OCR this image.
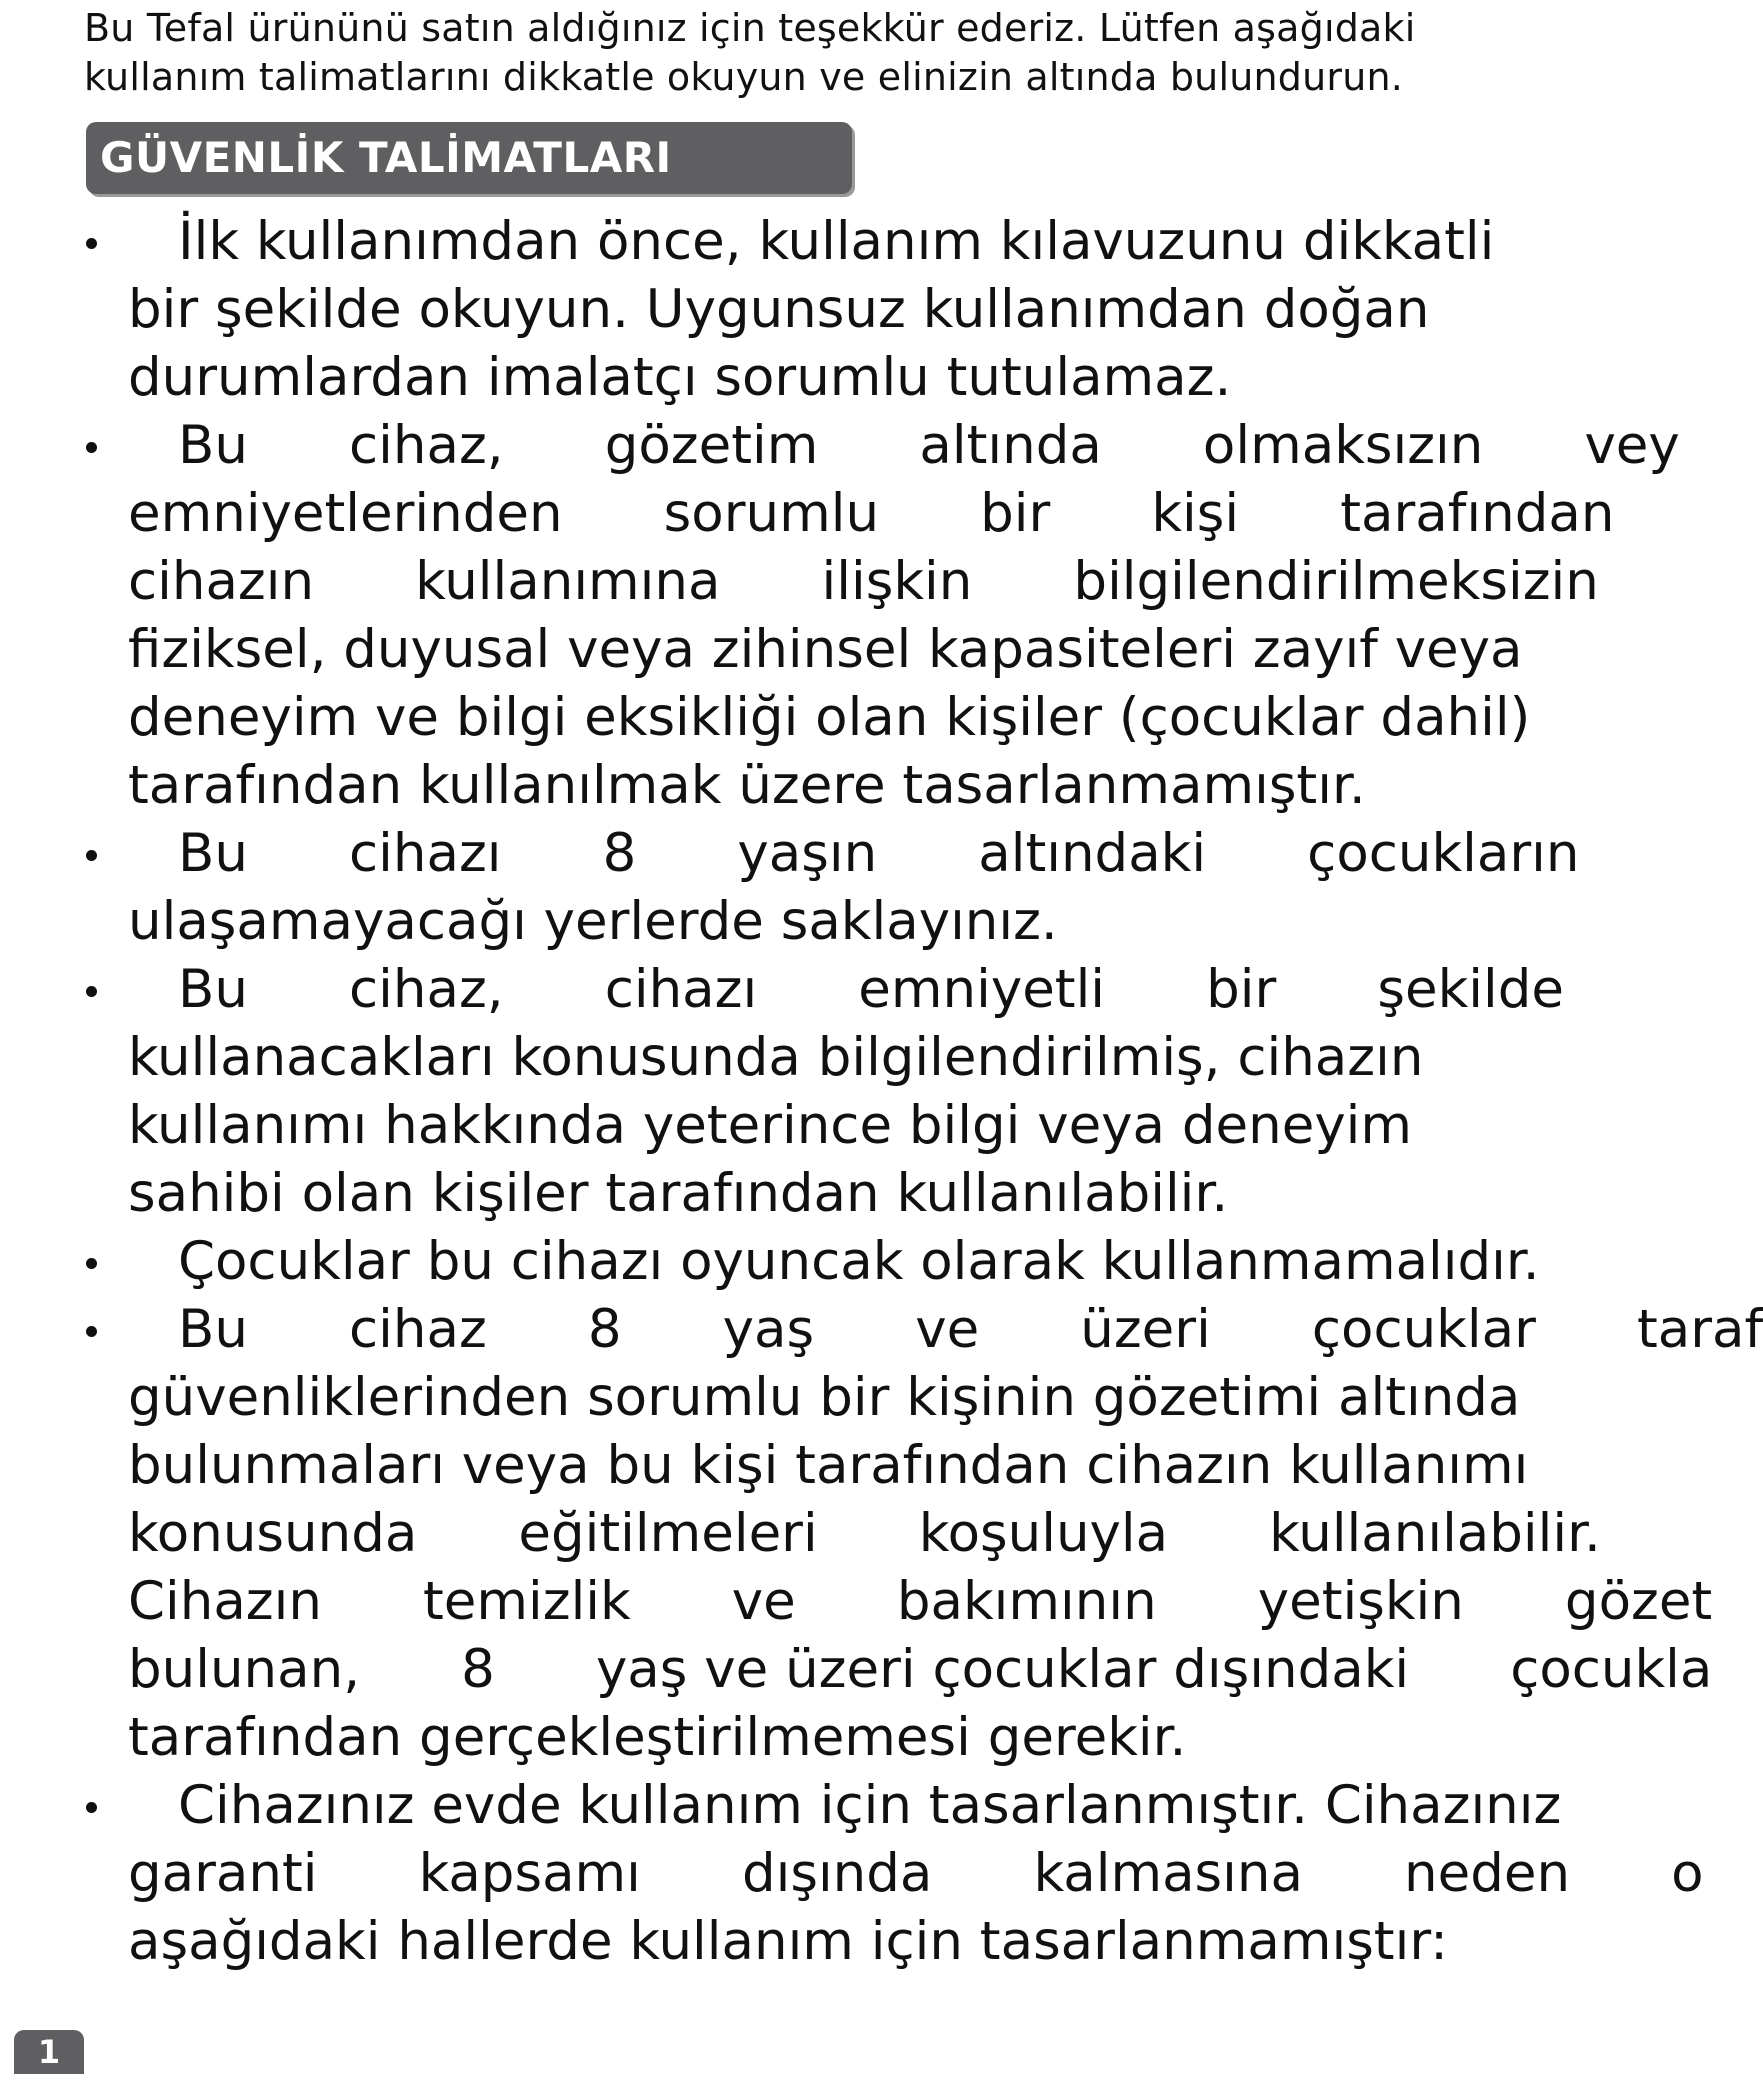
Bu Tefal ürününü satın aldığınız için teşekkür ederiz. Lütfen aşağıdaki
kullanım talimatlarını dikkatle okuyun ve elinizin altında bulundurun.
GÜVENLİK TALİMATLARI
İlk kullanımdan önce, kullanım kılavuzunu dikkatli
bir şekilde okuyun. Uygunsuz kullanımdan doğan
durumlardan imalatçı sorumlu tutulamaz.
Bu      cihaz,      gözetim      altında      olmaksızın      vey
emniyetlerinden      sorumlu      bir      kişi      tarafından
cihazın      kullanımına      ilişkin      bilgilendirilmeksizin
fiziksel, duyusal veya zihinsel kapasiteleri zayıf veya
deneyim ve bilgi eksikliği olan kişiler (çocuklar dahil)
tarafından kullanılmak üzere tasarlanmamıştır.
Bu      cihazı      8      yaşın      altındaki      çocukların
ulaşamayacağı yerlerde saklayınız.
Bu      cihaz,      cihazı      emniyetli      bir      şekilde
kullanacakları konusunda bilgilendirilmiş, cihazın
kullanımı hakkında yeterince bilgi veya deneyim
sahibi olan kişiler tarafından kullanılabilir.
Çocuklar bu cihazı oyuncak olarak kullanmamalıdır.
Bu      cihaz      8      yaş      ve      üzeri      çocuklar      taraf
güvenliklerinden sorumlu bir kişinin gözetimi altında
bulunmaları veya bu kişi tarafından cihazın kullanımı
konusunda      eğitilmeleri      koşuluyla      kullanılabilir.
Cihazın      temizlik      ve      bakımının      yetişkin      gözet
bulunan,      8      yaş ve üzeri çocuklar dışındaki      çocukla
tarafından gerçekleştirilmemesi gerekir.
Cihazınız evde kullanım için tasarlanmıştır. Cihazınız
garanti      kapsamı      dışında      kalmasına      neden      o
aşağıdaki hallerde kullanım için tasarlanmamıştır:
1
